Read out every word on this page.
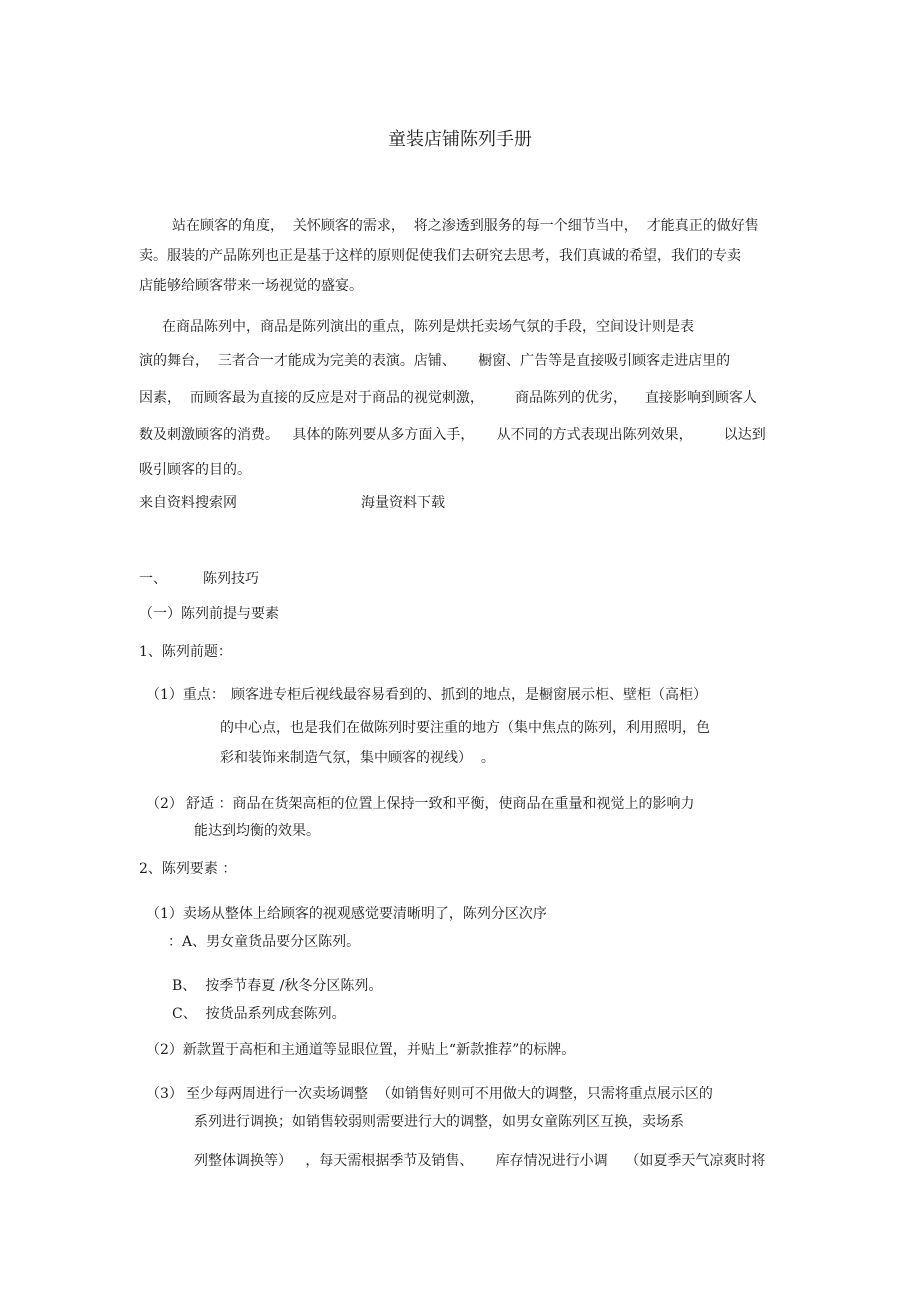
童装店铺陈列手册
站在顾客的角度，  关怀顾客的需求，  将之渗透到服务的每一个细节当中，  才能真正的做好售
卖。服装的产品陈列也正是基于这样的原则促使我们去研究去思考，我们真诚的希望，我们的专卖
店能够给顾客带来一场视觉的盛宴。
在商品陈列中，商品是陈列演出的重点，陈列是烘托卖场气氛的手段，空间设计则是表
演的舞台，  三者合一才能成为完美的表演。店铺、     橱窗、广告等是直接吸引顾客走进店里的
因素，  而顾客最为直接的反应是对于商品的视觉刺激，       商品陈列的优劣，    直接影响到顾客人
数及刺激顾客的消费。   具体的陈列要从多方面入手，     从不同的方式表现出陈列效果，       以达到
吸引顾客的目的。
来自资料搜索网	海量资料下载
一、	陈列技巧
（一）陈列前提与要素
1、陈列前题：
（1）重点： 顾客进专柜后视线最容易看到的、抓到的地点，是橱窗展示柜、壁柜（高柜）
的中心点，也是我们在做陈列时要注重的地方（集中焦点的陈列，利用照明，色
彩和装饰来制造气氛，集中顾客的视线）  。
（2） 舒适 ：商品在货架高柜的位置上保持一致和平衡，使商品在重量和视觉上的影响力
能达到均衡的效果。
2、陈列要素 ：
（1）卖场从整体上给顾客的视观感觉要清晰明了，陈列分区次序
：A、男女童货品要分区陈列。
B、  按季节春夏 /秋冬分区陈列。
C、  按货品系列成套陈列。
（2）新款置于高柜和主通道等显眼位置，并贴上“新款推荐”的标牌。
（3） 至少每两周进行一次卖场调整  （如销售好则可不用做大的调整，只需将重点展示区的
系列进行调换；如销售较弱则需要进行大的调整，如男女童陈列区互换，卖场系
列整体调换等）   ，每天需根据季节及销售、     库存情况进行小调    （如夏季天气凉爽时将
